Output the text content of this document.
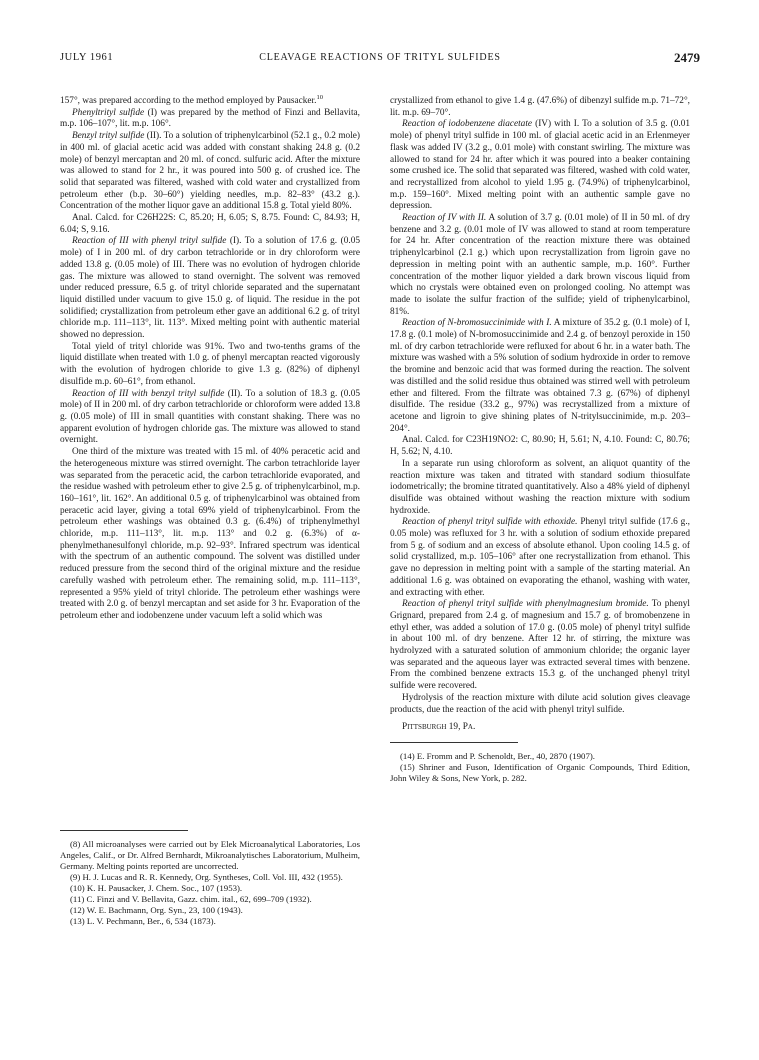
JULY 1961	CLEAVAGE REACTIONS OF TRITYL SULFIDES	2479

157°, was prepared according to the method employed by Pausacker.$^{10}$

Phenyltrityl sulfide (I) was prepared by the method of Finzi and Bellavita, m.p. 106–107°, lit. m.p. 106°.

Benzyl trityl sulfide (II). To a solution of triphenylcarbinol (52.1 g., 0.2 mole) in 400 ml. of glacial acetic acid was added with constant shaking 24.8 g. (0.2 mole) of benzyl mercaptan and 20 ml. of concd. sulfuric acid. After the mixture was allowed to stand for 2 hr., it was poured into 500 g. of crushed ice. The solid that separated was filtered, washed with cold water and crystallized from petroleum ether (b.p. 30–60°) yielding needles, m.p. 82–83° (43.2 g.). Concentration of the mother liquor gave an additional 15.8 g. Total yield 80%.

Anal. Calcd. for C26H22S: C, 85.20; H, 6.05; S, 8.75. Found: C, 84.93; H, 6.04; S, 9.16.

Reaction of III with phenyl trityl sulfide (I). To a solution of 17.6 g. (0.05 mole) of I in 200 ml. of dry carbon tetrachloride or in dry chloroform were added 13.8 g. (0.05 mole) of III. There was no evolution of hydrogen chloride gas. The mixture was allowed to stand overnight. The solvent was removed under reduced pressure, 6.5 g. of trityl chloride separated and the supernatant liquid distilled under vacuum to give 15.0 g. of liquid. The residue in the pot solidified; crystallization from petroleum ether gave an additional 6.2 g. of trityl chloride m.p. 111–113°, lit. 113°. Mixed melting point with authentic material showed no depression.

Total yield of trityl chloride was 91%. Two and two-tenths grams of the liquid distillate when treated with 1.0 g. of phenyl mercaptan reacted vigorously with the evolution of hydrogen chloride to give 1.3 g. (82%) of diphenyl disulfide m.p. 60–61°, from ethanol.

Reaction of III with benzyl trityl sulfide (II). To a solution of 18.3 g. (0.05 mole) of II in 200 ml. of dry carbon tetrachloride or chloroform were added 13.8 g. (0.05 mole) of III in small quantities with constant shaking. There was no apparent evolution of hydrogen chloride gas. The mixture was allowed to stand overnight.

One third of the mixture was treated with 15 ml. of 40% peracetic acid and the heterogeneous mixture was stirred overnight. The carbon tetrachloride layer was separated from the peracetic acid, the carbon tetrachloride evaporated, and the residue washed with petroleum ether to give 2.5 g. of triphenylcarbinol, m.p. 160–161°, lit. 162°. An additional 0.5 g. of triphenylcarbinol was obtained from peracetic acid layer, giving a total 69% yield of triphenylcarbinol. From the petroleum ether washings was obtained 0.3 g. (6.4%) of triphenylmethyl chloride, m.p. 111–113°, lit. m.p. 113° and 0.2 g. (6.3%) of α-phenylmethanesulfonyl chloride, m.p. 92–93°. Infrared spectrum was identical with the spectrum of an authentic compound. The solvent was distilled under reduced pressure from the second third of the original mixture and the residue carefully washed with petroleum ether. The remaining solid, m.p. 111–113°, represented a 95% yield of trityl chloride. The petroleum ether washings were treated with 2.0 g. of benzyl mercaptan and set aside for 3 hr. Evaporation of the petroleum ether and iodobenzene under vacuum left a solid which was

(8) All microanalyses were carried out by Elek Microanalytical Laboratories, Los Angeles, Calif., or Dr. Alfred Bernhardt, Mikroanalytisches Laboratorium, Mulheim, Germany. Melting points reported are uncorrected.

(9) H. J. Lucas and R. R. Kennedy, Org. Syntheses, Coll. Vol. III, 432 (1955).

(10) K. H. Pausacker, J. Chem. Soc., 107 (1953).

(11) C. Finzi and V. Bellavita, Gazz. chim. ital., 62, 699–709 (1932).

(12) W. E. Bachmann, Org. Syn., 23, 100 (1943).

(13) L. V. Pechmann, Ber., 6, 534 (1873).

crystallized from ethanol to give 1.4 g. (47.6%) of dibenzyl sulfide m.p. 71–72°, lit. m.p. 69–70°.

Reaction of iodobenzene diacetate (IV) with I. To a solution of 3.5 g. (0.01 mole) of phenyl trityl sulfide in 100 ml. of glacial acetic acid in an Erlenmeyer flask was added IV (3.2 g., 0.01 mole) with constant swirling. The mixture was allowed to stand for 24 hr. after which it was poured into a beaker containing some crushed ice. The solid that separated was filtered, washed with cold water, and recrystallized from alcohol to yield 1.95 g. (74.9%) of triphenylcarbinol, m.p. 159–160°. Mixed melting point with an authentic sample gave no depression.

Reaction of IV with II. A solution of 3.7 g. (0.01 mole) of II in 50 ml. of dry benzene and 3.2 g. (0.01 mole of IV was allowed to stand at room temperature for 24 hr. After concentration of the reaction mixture there was obtained triphenylcarbinol (2.1 g.) which upon recrystallization from ligroin gave no depression in melting point with an authentic sample, m.p. 160°. Further concentration of the mother liquor yielded a dark brown viscous liquid from which no crystals were obtained even on prolonged cooling. No attempt was made to isolate the sulfur fraction of the sulfide; yield of triphenylcarbinol, 81%.

Reaction of N-bromosuccinimide with I. A mixture of 35.2 g. (0.1 mole) of I, 17.8 g. (0.1 mole) of N-bromosuccinimide and 2.4 g. of benzoyl peroxide in 150 ml. of dry carbon tetrachloride were refluxed for about 6 hr. in a water bath. The mixture was washed with a 5% solution of sodium hydroxide in order to remove the bromine and benzoic acid that was formed during the reaction. The solvent was distilled and the solid residue thus obtained was stirred well with petroleum ether and filtered. From the filtrate was obtained 7.3 g. (67%) of diphenyl disulfide. The residue (33.2 g., 97%) was recrystallized from a mixture of acetone and ligroin to give shining plates of N-tritylsuccinimide, m.p. 203–204°.

Anal. Calcd. for C23H19NO2: C, 80.90; H, 5.61; N, 4.10. Found: C, 80.76; H, 5.62; N, 4.10.

In a separate run using chloroform as solvent, an aliquot quantity of the reaction mixture was taken and titrated with standard sodium thiosulfate iodometrically; the bromine titrated quantitatively. Also a 48% yield of diphenyl disulfide was obtained without washing the reaction mixture with sodium hydroxide.

Reaction of phenyl trityl sulfide with ethoxide. Phenyl trityl sulfide (17.6 g., 0.05 mole) was refluxed for 3 hr. with a solution of sodium ethoxide prepared from 5 g. of sodium and an excess of absolute ethanol. Upon cooling 14.5 g. of solid crystallized, m.p. 105–106° after one recrystallization from ethanol. This gave no depression in melting point with a sample of the starting material. An additional 1.6 g. was obtained on evaporating the ethanol, washing with water, and extracting with ether.

Reaction of phenyl trityl sulfide with phenylmagnesium bromide. To phenyl Grignard, prepared from 2.4 g. of magnesium and 15.7 g. of bromobenzene in ethyl ether, was added a solution of 17.0 g. (0.05 mole) of phenyl trityl sulfide in about 100 ml. of dry benzene. After 12 hr. of stirring, the mixture was hydrolyzed with a saturated solution of ammonium chloride; the organic layer was separated and the aqueous layer was extracted several times with benzene. From the combined benzene extracts 15.3 g. of the unchanged phenyl trityl sulfide were recovered.

Hydrolysis of the reaction mixture with dilute acid solution gives cleavage products, due the reaction of the acid with phenyl trityl sulfide.

Pittsburgh 19, Pa.

(14) E. Fromm and P. Schenoldt, Ber., 40, 2870 (1907).

(15) Shriner and Fuson, Identification of Organic Compounds, Third Edition, John Wiley & Sons, New York, p. 282.
